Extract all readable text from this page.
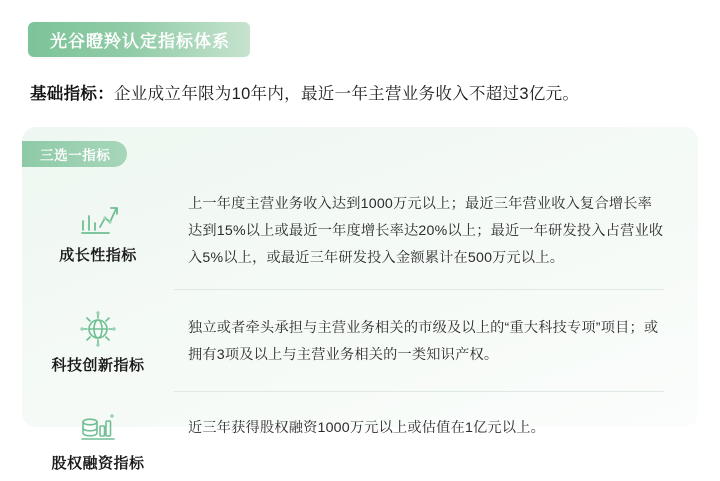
光谷瞪羚认定指标体系
基础指标：企业成立年限为10年内，最近一年主营业务收入不超过3亿元。
三选一指标
成长性指标
上一年度主营业务收入达到1000万元以上；最近三年营业收入复合增长率达到15%以上或最近一年度增长率达20%以上；最近一年研发投入占营业收入5%以上，或最近三年研发投入金额累计在500万元以上。
科技创新指标
独立或者牵头承担与主营业务相关的市级及以上的“重大科技专项”项目；或拥有3项及以上与主营业务相关的一类知识产权。
股权融资指标
近三年获得股权融资1000万元以上或估值在1亿元以上。
